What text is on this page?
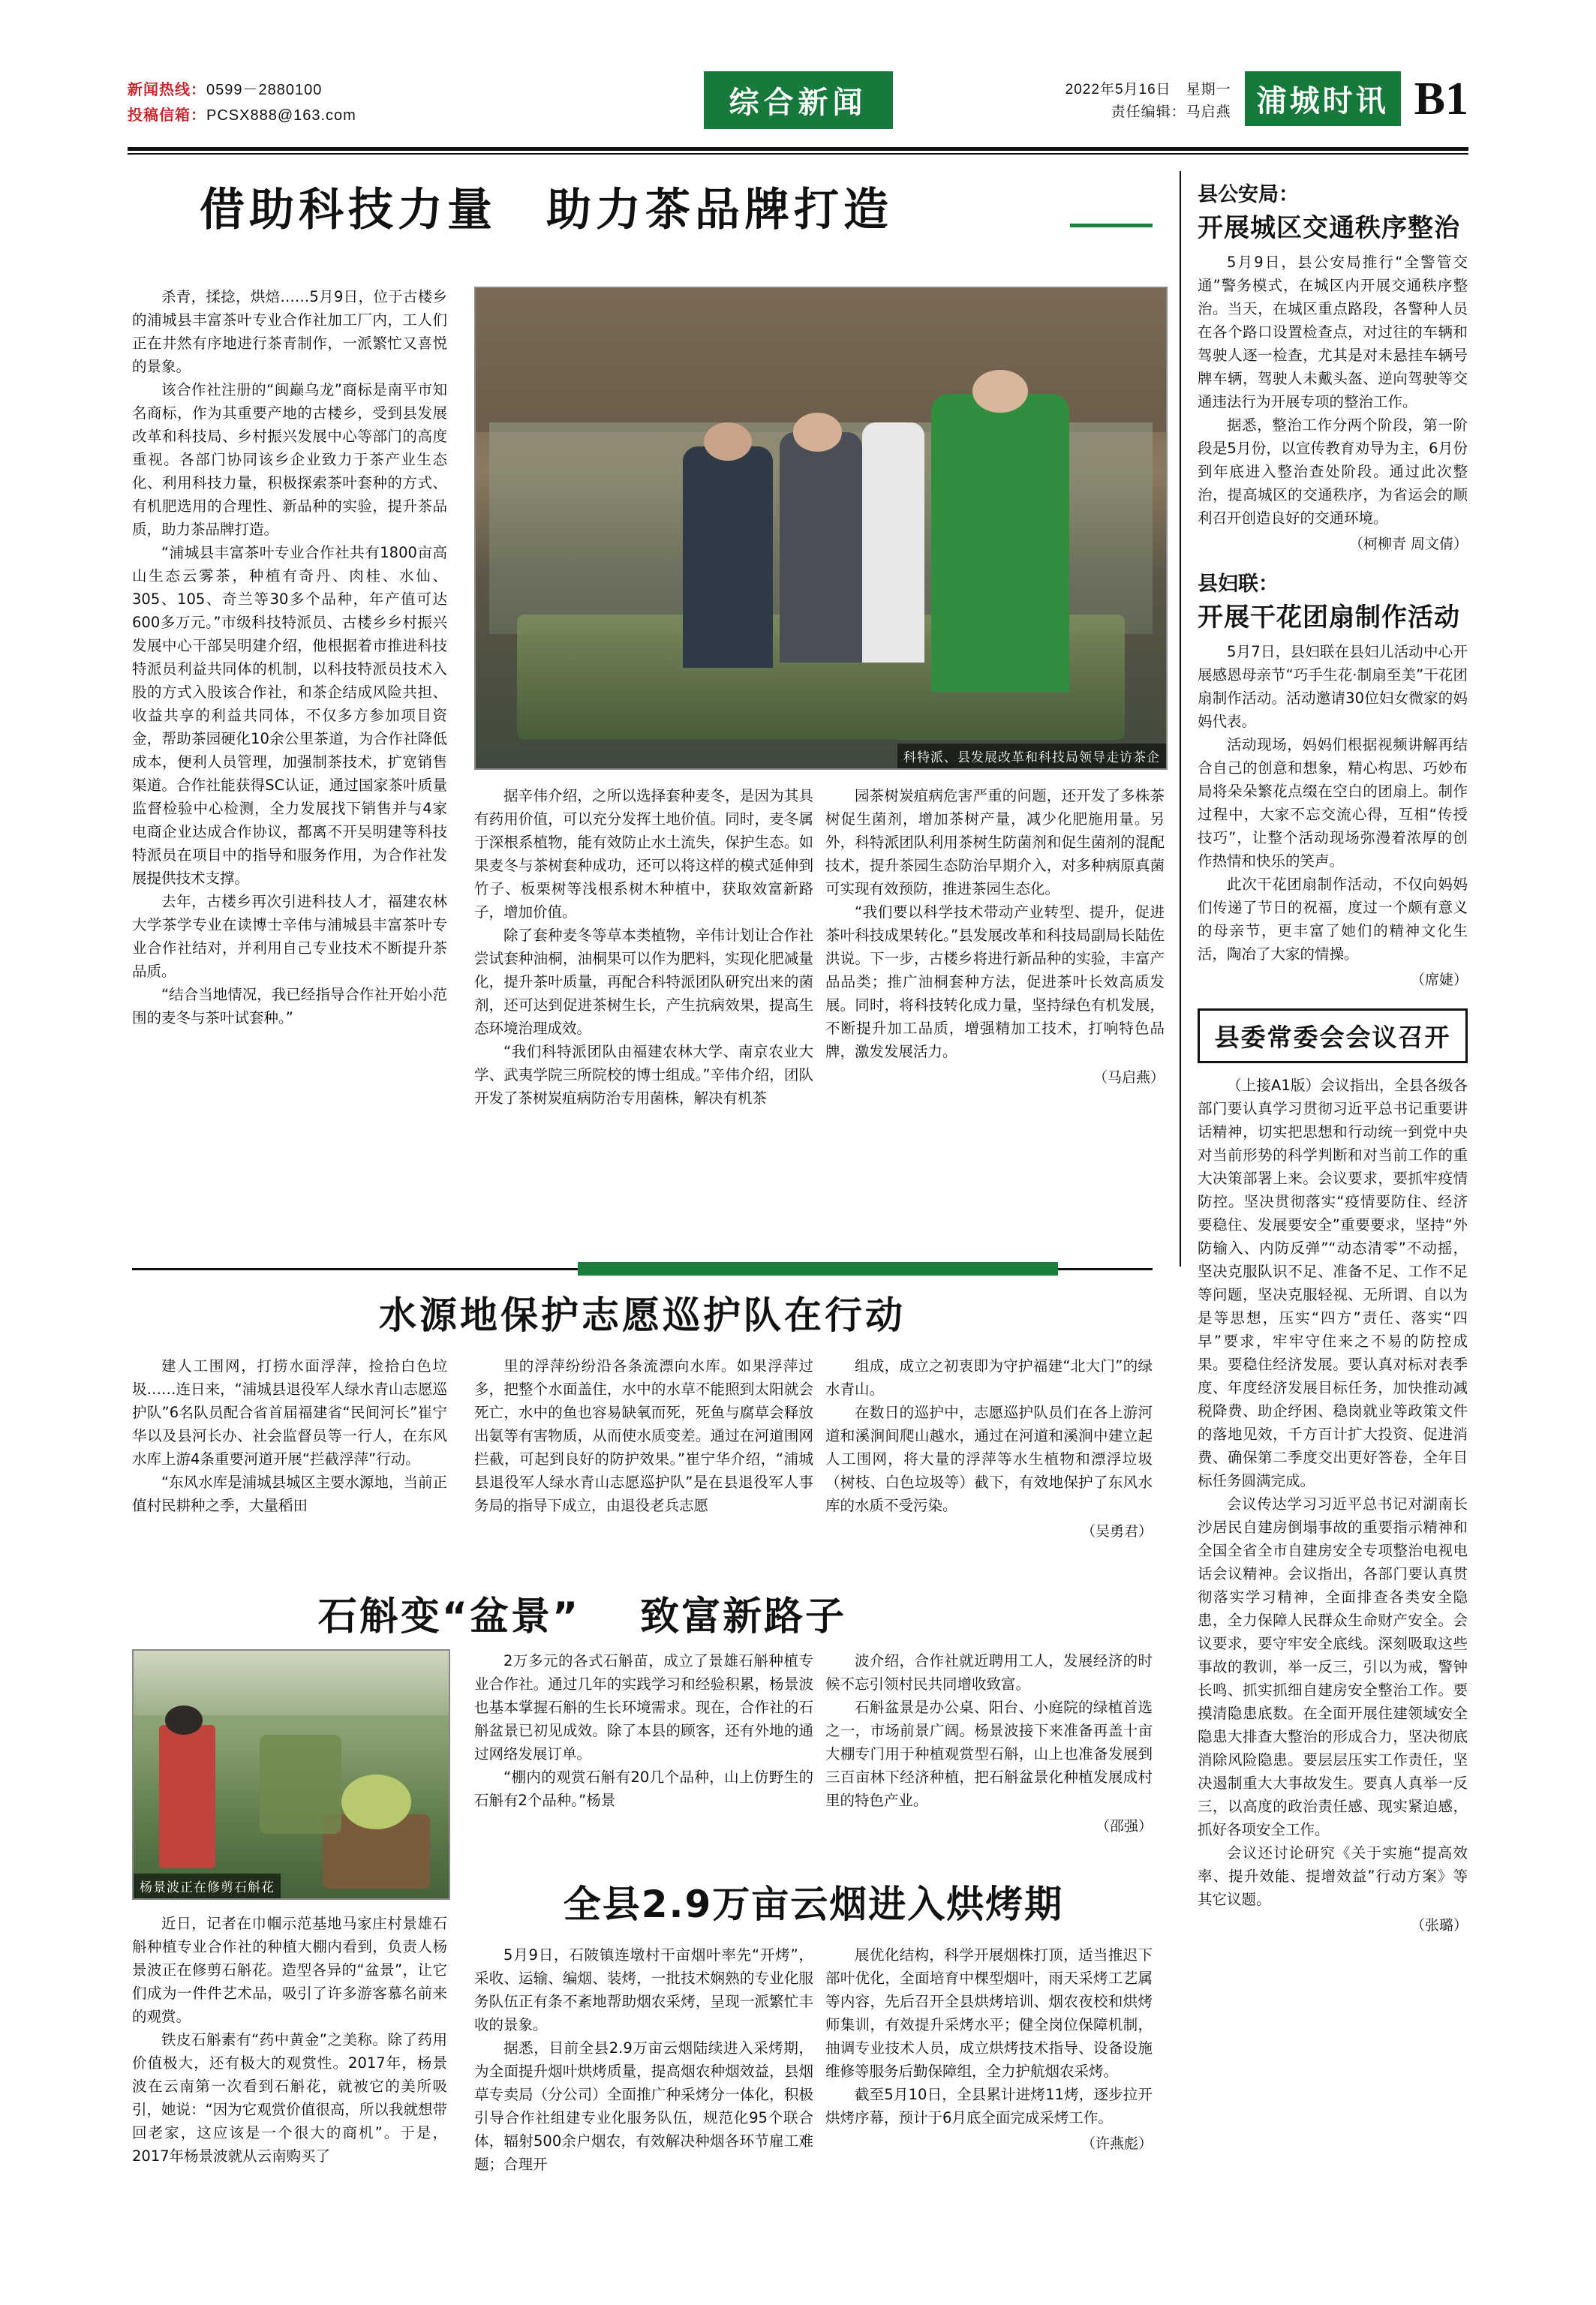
新闻热线：0599－2880100
投稿信箱：PCSX888@163.com	综合新闻	2022年5月16日　星期一
责任编辑：马启燕 浦城时讯 B1
借助科技力量　助力茶品牌打造
科特派、县发展改革和科技局领导走访茶企

杀青，揉捻，烘焙……5月9日，位于古楼乡的浦城县丰富茶叶专业合作社加工厂内，工人们正在井然有序地进行茶青制作，一派繁忙又喜悦的景象。

该合作社注册的“闽巅乌龙”商标是南平市知名商标，作为其重要产地的古楼乡，受到县发展改革和科技局、乡村振兴发展中心等部门的高度重视。各部门协同该乡企业致力于茶产业生态化、利用科技力量，积极探索茶叶套种的方式、有机肥选用的合理性、新品种的实验，提升茶品质，助力茶品牌打造。

“浦城县丰富茶叶专业合作社共有1800亩高山生态云雾茶，种植有奇丹、肉桂、水仙、305、105、奇兰等30多个品种，年产值可达600多万元。”市级科技特派员、古楼乡乡村振兴发展中心干部吴明建介绍，他根据着市推进科技特派员利益共同体的机制，以科技特派员技术入股的方式入股该合作社，和茶企结成风险共担、收益共享的利益共同体，不仅多方参加项目资金，帮助茶园硬化10余公里茶道，为合作社降低成本，便利人员管理，加强制茶技术，扩宽销售渠道。合作社能获得SC认证，通过国家茶叶质量监督检验中心检测，全力发展找下销售并与4家电商企业达成合作协议，都离不开吴明建等科技特派员在项目中的指导和服务作用，为合作社发展提供技术支撑。

去年，古楼乡再次引进科技人才，福建农林大学茶学专业在读博士辛伟与浦城县丰富茶叶专业合作社结对，并利用自己专业技术不断提升茶品质。

“结合当地情况，我已经指导合作社开始小范围的麦冬与茶叶试套种。”

据辛伟介绍，之所以选择套种麦冬，是因为其具有药用价值，可以充分发挥土地价值。同时，麦冬属于深根系植物，能有效防止水土流失，保护生态。如果麦冬与茶树套种成功，还可以将这样的模式延伸到竹子、板栗树等浅根系树木种植中，获取效富新路子，增加价值。

除了套种麦冬等草本类植物，辛伟计划让合作社尝试套种油桐，油桐果可以作为肥料，实现化肥减量化，提升茶叶质量，再配合科特派团队研究出来的菌剂，还可达到促进茶树生长，产生抗病效果，提高生态环境治理成效。

“我们科特派团队由福建农林大学、南京农业大学、武夷学院三所院校的博士组成。”辛伟介绍，团队开发了茶树炭疽病防治专用菌株，解决有机茶

园茶树炭疽病危害严重的问题，还开发了多株茶树促生菌剂，增加茶树产量，减少化肥施用量。另外，科特派团队利用茶树生防菌剂和促生菌剂的混配技术，提升茶园生态防治早期介入，对多种病原真菌可实现有效预防，推进茶园生态化。

“我们要以科学技术带动产业转型、提升，促进茶叶科技成果转化。”县发展改革和科技局副局长陆佐洪说。下一步，古楼乡将进行新品种的实验，丰富产品品类；推广油桐套种方法，促进茶叶长效高质发展。同时，将科技转化成力量，坚持绿色有机发展，不断提升加工品质，增强精加工技术，打响特色品牌，激发发展活力。

（马启燕）
县公安局：
开展城区交通秩序整治

5月9日，县公安局推行“全警管交通”警务模式，在城区内开展交通秩序整治。当天，在城区重点路段，各警种人员在各个路口设置检查点，对过往的车辆和驾驶人逐一检查，尤其是对未悬挂车辆号牌车辆，驾驶人未戴头盔、逆向驾驶等交通违法行为开展专项的整治工作。

据悉，整治工作分两个阶段，第一阶段是5月份，以宣传教育劝导为主，6月份到年底进入整治查处阶段。通过此次整治，提高城区的交通秩序，为省运会的顺利召开创造良好的交通环境。

（柯柳青 周文倩）
县妇联：
开展干花团扇制作活动

5月7日，县妇联在县妇儿活动中心开展感恩母亲节“巧手生花·制扇至美”干花团扇制作活动。活动邀请30位妇女微家的妈妈代表。

活动现场，妈妈们根据视频讲解再结合自己的创意和想象，精心构思、巧妙布局将朵朵繁花点缀在空白的团扇上。制作过程中，大家不忘交流心得，互相“传授技巧”，让整个活动现场弥漫着浓厚的创作热情和快乐的笑声。

此次干花团扇制作活动，不仅向妈妈们传递了节日的祝福，度过一个颇有意义的母亲节，更丰富了她们的精神文化生活，陶冶了大家的情操。

（席婕）
县委常委会会议召开

（上接A1版）会议指出，全县各级各部门要认真学习贯彻习近平总书记重要讲话精神，切实把思想和行动统一到党中央对当前形势的科学判断和对当前工作的重大决策部署上来。会议要求，要抓牢疫情防控。坚决贯彻落实“疫情要防住、经济要稳住、发展要安全”重要要求，坚持“外防输入、内防反弹”“动态清零”不动摇，坚决克服队识不足、准备不足、工作不足等问题，坚决克服轻视、无所谓、自以为是等思想，压实“四方”责任、落实“四早”要求，牢牢守住来之不易的防控成果。要稳住经济发展。要认真对标对表季度、年度经济发展目标任务，加快推动减税降费、助企纾困、稳岗就业等政策文件的落地见效，千方百计扩大投资、促进消费、确保第二季度交出更好答卷，全年目标任务圆满完成。

会议传达学习习近平总书记对湖南长沙居民自建房倒塌事故的重要指示精神和全国全省全市自建房安全专项整治电视电话会议精神。会议指出，各部门要认真贯彻落实学习精神，全面排查各类安全隐患，全力保障人民群众生命财产安全。会议要求，要守牢安全底线。深刻吸取这些事故的教训，举一反三，引以为戒，警钟长鸣、抓实抓细自建房安全整治工作。要摸清隐患底数。在全面开展住建领域安全隐患大排查大整治的形成合力，坚决彻底消除风险隐患。要层层压实工作责任，坚决遏制重大大事故发生。要真人真举一反三，以高度的政治责任感、现实紧迫感，抓好各项安全工作。

会议还讨论研究《关于实施“提高效率、提升效能、提增效益”行动方案》等其它议题。

（张璐）
水源地保护志愿巡护队在行动

建人工围网，打捞水面浮萍，捡拾白色垃圾……连日来，“浦城县退役军人绿水青山志愿巡护队”6名队员配合省首届福建省“民间河长”崔宁华以及县河长办、社会监督员等一行人，在东风水库上游4条重要河道开展“拦截浮萍”行动。

“东风水库是浦城县城区主要水源地，当前正值村民耕种之季，大量稻田

里的浮萍纷纷沿各条流漂向水库。如果浮萍过多，把整个水面盖住，水中的水草不能照到太阳就会死亡，水中的鱼也容易缺氧而死，死鱼与腐草会释放出氨等有害物质，从而使水质变差。通过在河道围网拦截，可起到良好的防护效果。”崔宁华介绍，“浦城县退役军人绿水青山志愿巡护队”是在县退役军人事务局的指导下成立，由退役老兵志愿

组成，成立之初衷即为守护福建“北大门”的绿水青山。

在数日的巡护中，志愿巡护队员们在各上游河道和溪涧间爬山越水，通过在河道和溪涧中建立起人工围网，将大量的浮萍等水生植物和漂浮垃圾（树枝、白色垃圾等）截下，有效地保护了东风水库的水质不受污染。

（吴勇君）
石斛变“盆景” 致富新路子
杨景波正在修剪石斛花

近日，记者在巾帼示范基地马家庄村景雄石斛种植专业合作社的种植大棚内看到，负责人杨景波正在修剪石斛花。造型各异的“盆景”，让它们成为一件件艺术品，吸引了许多游客慕名前来的观赏。

铁皮石斛素有“药中黄金”之美称。除了药用价值极大，还有极大的观赏性。2017年，杨景波在云南第一次看到石斛花，就被它的美所吸引，她说：“因为它观赏价值很高，所以我就想带回老家，这应该是一个很大的商机”。于是，2017年杨景波就从云南购买了

2万多元的各式石斛苗，成立了景雄石斛种植专业合作社。通过几年的实践学习和经验积累，杨景波也基本掌握石斛的生长环境需求。现在，合作社的石斛盆景已初见成效。除了本县的顾客，还有外地的通过网络发展订单。

“棚内的观赏石斛有20几个品种，山上仿野生的石斛有2个品种。”杨景

波介绍，合作社就近聘用工人，发展经济的时候不忘引领村民共同增收致富。

石斛盆景是办公桌、阳台、小庭院的绿植首选之一，市场前景广阔。杨景波接下来准备再盖十亩大棚专门用于种植观赏型石斛，山上也准备发展到三百亩林下经济种植，把石斛盆景化种植发展成村里的特色产业。

（邵强）
全县2.9万亩云烟进入烘烤期

5月9日，石陂镇连墩村干亩烟叶率先“开烤”，采收、运输、编烟、装烤，一批技术娴熟的专业化服务队伍正有条不紊地帮助烟农采烤，呈现一派繁忙丰收的景象。

据悉，目前全县2.9万亩云烟陆续进入采烤期，为全面提升烟叶烘烤质量，提高烟农种烟效益，县烟草专卖局（分公司）全面推广种采烤分一体化，积极引导合作社组建专业化服务队伍，规范化95个联合体，辐射500余户烟农，有效解决种烟各环节雇工难题；合理开

展优化结构，科学开展烟株打顶，适当推迟下部叶优化，全面培育中棵型烟叶，雨天采烤工艺属等内容，先后召开全县烘烤培训、烟农夜校和烘烤师集训，有效提升采烤水平；健全岗位保障机制，抽调专业技术人员，成立烘烤技术指导、设备设施维修等服务后勤保障组，全力护航烟农采烤。

截至5月10日，全县累计进烤11烤，逐步拉开烘烤序幕，预计于6月底全面完成采烤工作。

（许燕彪）
